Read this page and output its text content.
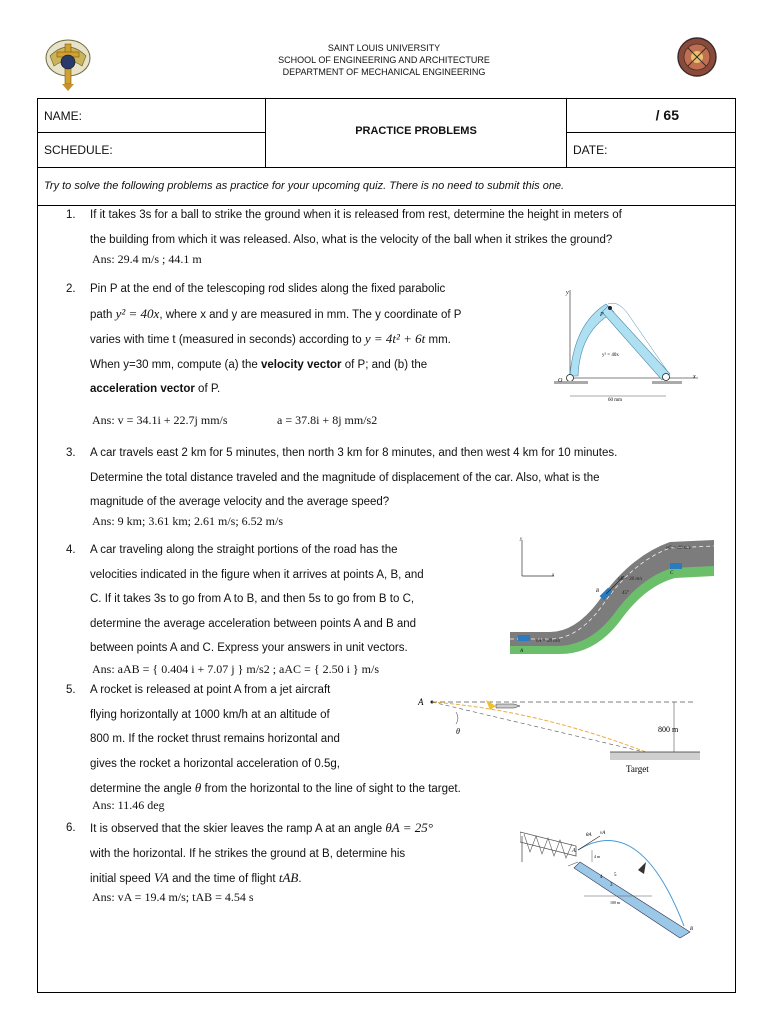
SAINT LOUIS UNIVERSITY
SCHOOL OF ENGINEERING AND ARCHITECTURE
DEPARTMENT OF MECHANICAL ENGINEERING
NAME:
SCHEDULE:
PRACTICE PROBLEMS
/ 65
DATE:
Try to solve the following problems as practice for your upcoming quiz. There is no need to submit this one.
1. If it takes 3s for a ball to strike the ground when it is released from rest, determine the height in meters of
the building from which it was released. Also, what is the velocity of the ball when it strikes the ground?
Ans: 29.4 m/s ; 44.1 m
2. Pin P at the end of the telescoping rod slides along the fixed parabolic
path y² = 40x, where x and y are measured in mm. The y coordinate of P
varies with time t (measured in seconds) according to y = 4t² + 6t mm.
When y=30 mm, compute (a) the velocity vector of P; and (b) the
acceleration vector of P.
Ans: v = 34.1i + 22.7j mm/s	a = 37.8i + 8j mm/s2
y
x
P
y² = 40x
O
60 mm
3. A car travels east 2 km for 5 minutes, then north 3 km for 8 minutes, and then west 4 km for 10 minutes.
Determine the total distance traveled and the magnitude of displacement of the car. Also, what is the
magnitude of the average velocity and the average speed?
Ans: 9 km; 3.61 km; 2.61 m/s; 6.52 m/s
4. A car traveling along the straight portions of the road has the
velocities indicated in the figure when it arrives at points A, B, and
C. If it takes 3s to go from A to B, and then 5s to go from B to C,
determine the average acceleration between points A and B and
between points A and C. Express your answers in unit vectors.
Ans: aAB = { 0.404 i + 7.07 j } m/s2 ; aAC = { 2.50 i } m/s
y
x
vA = 20 m/s
vB = 30 m/s
vC = 40 m/s
45°
A
B
C
5. A rocket is released at point A from a jet aircraft
flying horizontally at 1000 km/h at an altitude of
800 m. If the rocket thrust remains horizontal and
gives the rocket a horizontal acceleration of 0.5g,
determine the angle θ from the horizontal to the line of sight to the target.
Ans: 11.46 deg
A
θ	800 m
Target
6. It is observed that the skier leaves the ramp A at an angle θA = 25°
with the horizontal. If he strikes the ground at B, determine his
initial speed VA and the time of flight tAB.
Ans: vA = 19.4 m/s; tAB = 4.54 s
θA vA
A
4 m
3
4 5
100 m
B
